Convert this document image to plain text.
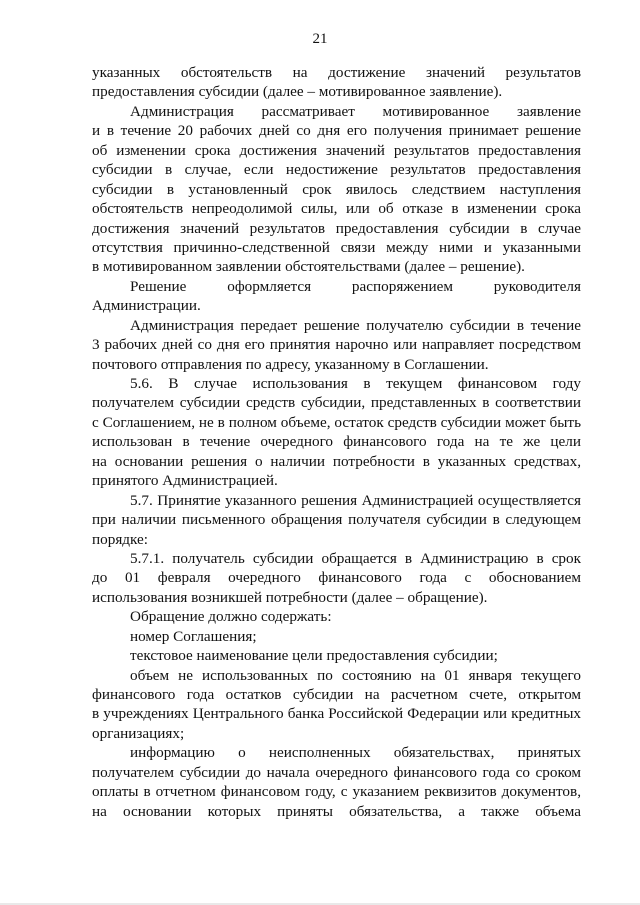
21
указанных обстоятельств на достижение значений результатов
предоставления субсидии (далее – мотивированное заявление).
Администрация рассматривает мотивированное заявление
и в течение 20 рабочих дней со дня его получения принимает решение
об изменении срока достижения значений результатов предоставления
субсидии в случае, если недостижение результатов предоставления
субсидии в установленный срок явилось следствием наступления
обстоятельств непреодолимой силы, или об отказе в изменении срока
достижения значений результатов предоставления субсидии в случае
отсутствия причинно-следственной связи между ними и указанными
в мотивированном заявлении обстоятельствами (далее – решение).
Решение оформляется распоряжением руководителя
Администрации.
Администрация передает решение получателю субсидии в течение
3 рабочих дней со дня его принятия нарочно или направляет посредством
почтового отправления по адресу, указанному в Соглашении.
5.6. В случае использования в текущем финансовом году
получателем субсидии средств субсидии, представленных в соответствии
с Соглашением, не в полном объеме, остаток средств субсидии может быть
использован в течение очередного финансового года на те же цели
на основании решения о наличии потребности в указанных средствах,
принятого Администрацией.
5.7. Принятие указанного решения Администрацией осуществляется
при наличии письменного обращения получателя субсидии в следующем
порядке:
5.7.1. получатель субсидии обращается в Администрацию в срок
до 01 февраля очередного финансового года с обоснованием
использования возникшей потребности (далее – обращение).
Обращение должно содержать:
номер Соглашения;
текстовое наименование цели предоставления субсидии;
объем не использованных по состоянию на 01 января текущего
финансового года остатков субсидии на расчетном счете, открытом
в учреждениях Центрального банка Российской Федерации или кредитных
организациях;
информацию о неисполненных обязательствах, принятых
получателем субсидии до начала очередного финансового года со сроком
оплаты в отчетном финансовом году, с указанием реквизитов документов,
на основании которых приняты обязательства, а также объема
